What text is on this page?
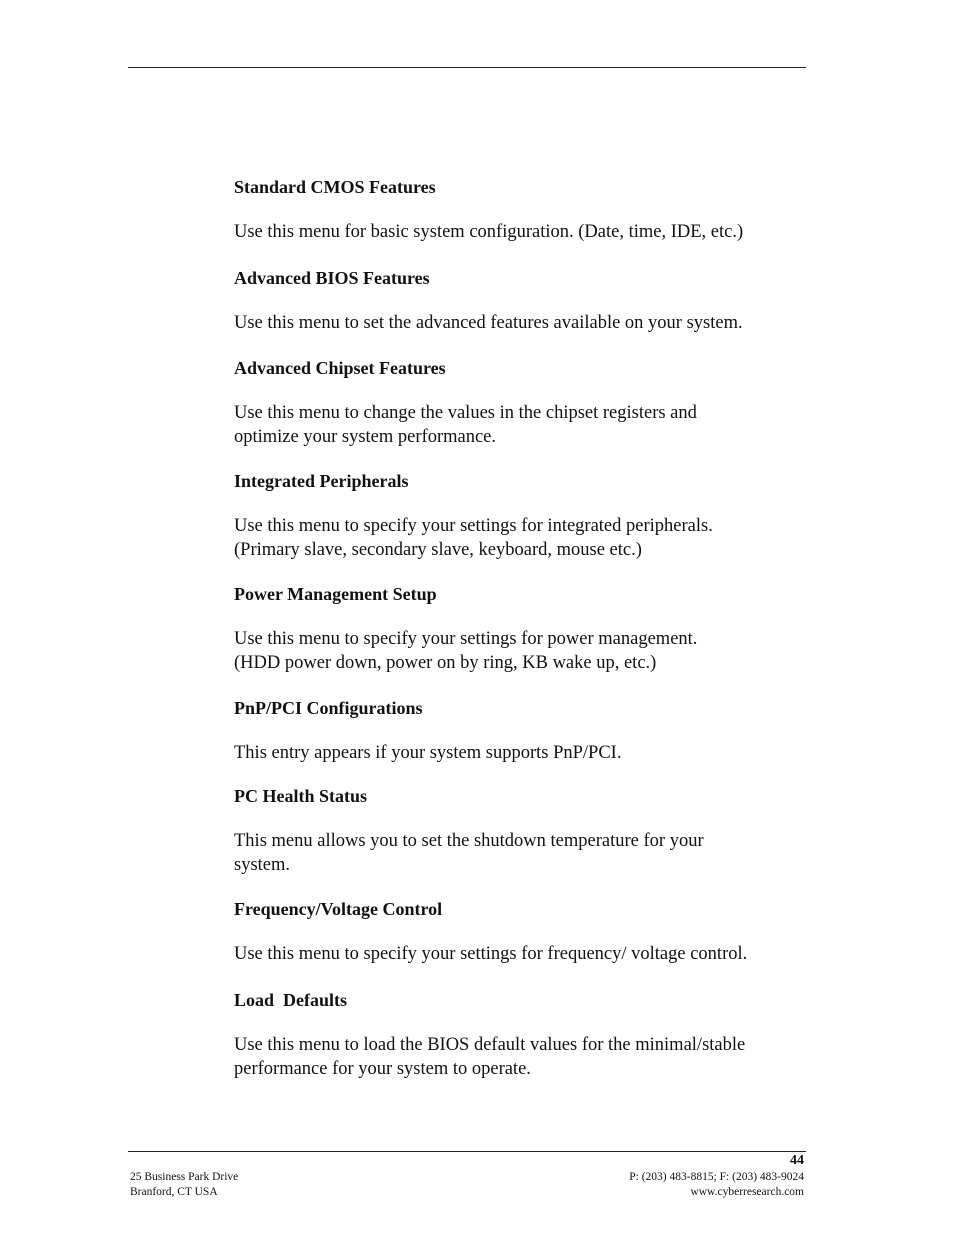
Standard CMOS Features

Use this menu for basic system configuration. (Date, time, IDE, etc.)

Advanced BIOS Features

Use this menu to set the advanced features available on your system.

Advanced Chipset Features

Use this menu to change the values in the chipset registers and
optimize your system performance.

Integrated Peripherals

Use this menu to specify your settings for integrated peripherals.
(Primary slave, secondary slave, keyboard, mouse etc.)

Power Management Setup

Use this menu to specify your settings for power management.
(HDD power down, power on by ring, KB wake up, etc.)

PnP/PCI Configurations

This entry appears if your system supports PnP/PCI.

PC Health Status

This menu allows you to set the shutdown temperature for your
system.

Frequency/Voltage Control

Use this menu to specify your settings for frequency/ voltage control.

Load  Defaults

Use this menu to load the BIOS default values for the minimal/stable
performance for your system to operate.

44
25 Business Park Drive
Branford, CT USA
P: (203) 483-8815; F: (203) 483-9024
www.cyberresearch.com
